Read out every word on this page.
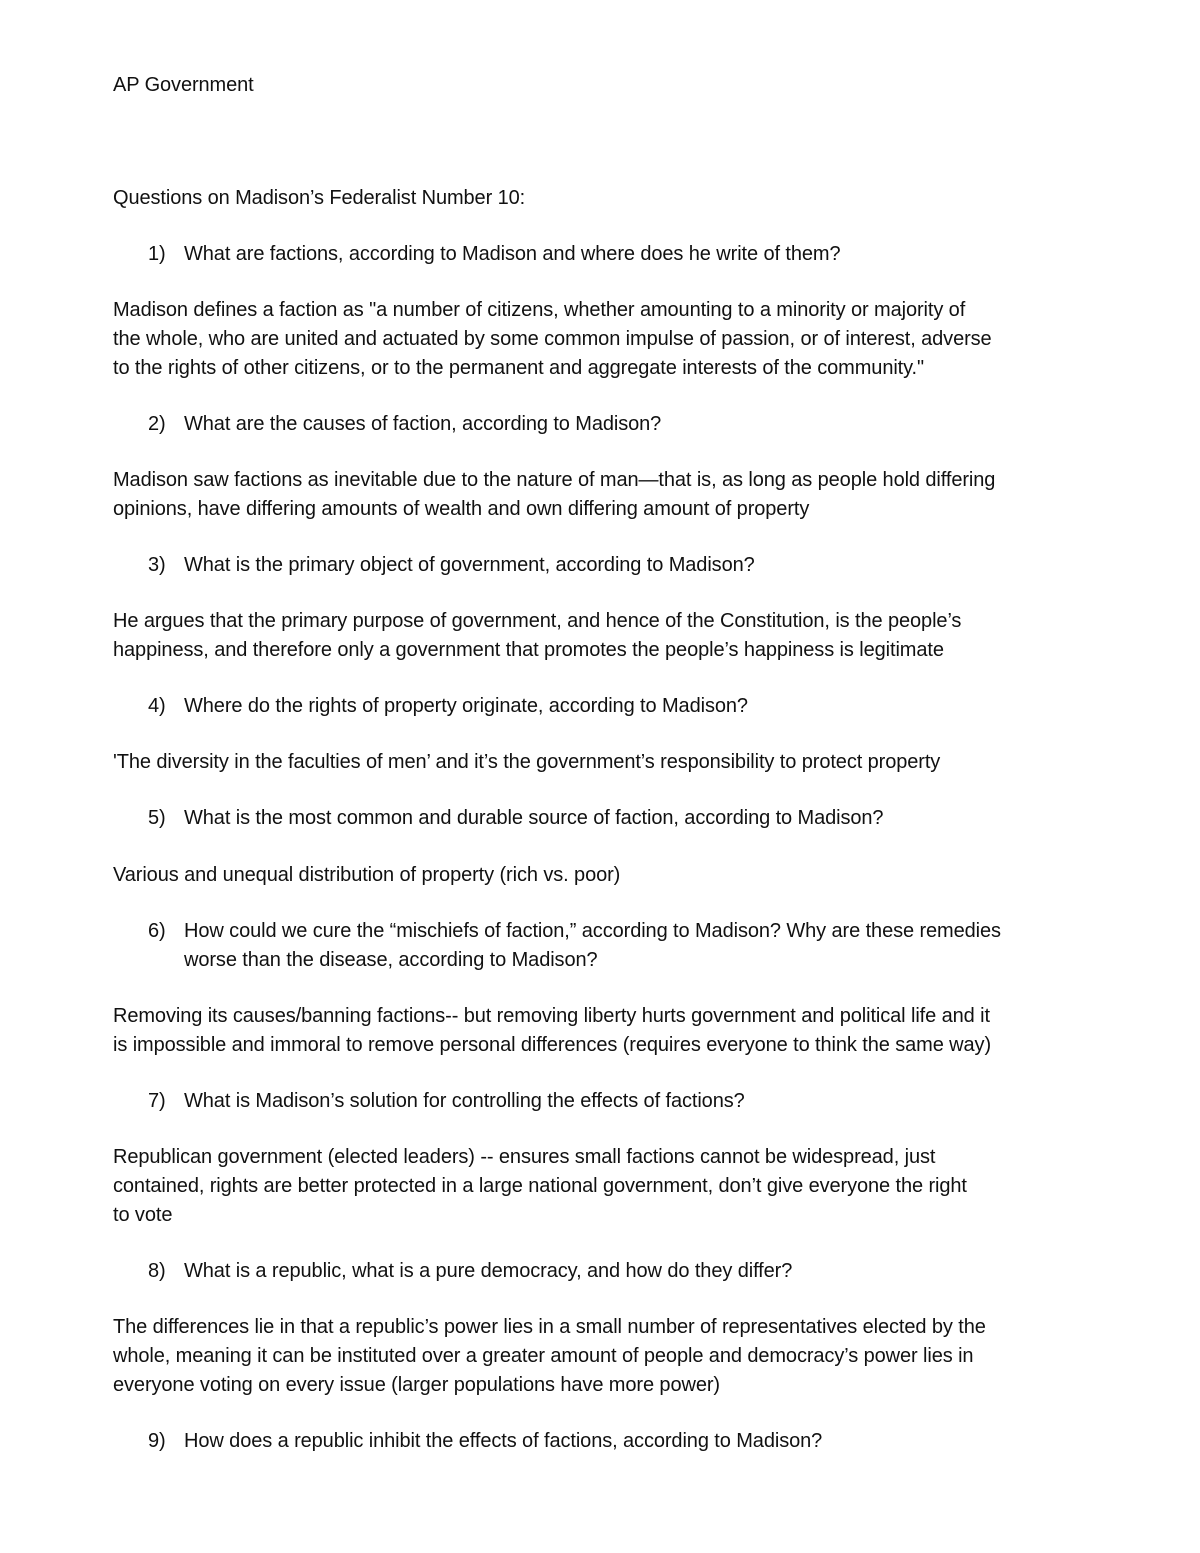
AP Government
Questions on Madison’s Federalist Number 10:
1) What are factions, according to Madison and where does he write of them?
Madison defines a faction as "a number of citizens, whether amounting to a minority or majority of
the whole, who are united and actuated by some common impulse of passion, or of interest, adverse
to the rights of other citizens, or to the permanent and aggregate interests of the community."
2) What are the causes of faction, according to Madison?
Madison saw factions as inevitable due to the nature of man—that is, as long as people hold differing
opinions, have differing amounts of wealth and own differing amount of property
3) What is the primary object of government, according to Madison?
He argues that the primary purpose of government, and hence of the Constitution, is the people’s
happiness, and therefore only a government that promotes the people’s happiness is legitimate
4) Where do the rights of property originate, according to Madison?
'The diversity in the faculties of men’ and it’s the government’s responsibility to protect property
5) What is the most common and durable source of faction, according to Madison?
Various and unequal distribution of property (rich vs. poor)
6) How could we cure the “mischiefs of faction,” according to Madison? Why are these remedies
worse than the disease, according to Madison?
Removing its causes/banning factions-- but removing liberty hurts government and political life and it
is impossible and immoral to remove personal differences (requires everyone to think the same way)
7) What is Madison’s solution for controlling the effects of factions?
Republican government (elected leaders) -- ensures small factions cannot be widespread, just
contained, rights are better protected in a large national government, don’t give everyone the right
to vote
8) What is a republic, what is a pure democracy, and how do they differ?
The differences lie in that a republic’s power lies in a small number of representatives elected by the
whole, meaning it can be instituted over a greater amount of people and democracy’s power lies in
everyone voting on every issue (larger populations have more power)
9) How does a republic inhibit the effects of factions, according to Madison?
